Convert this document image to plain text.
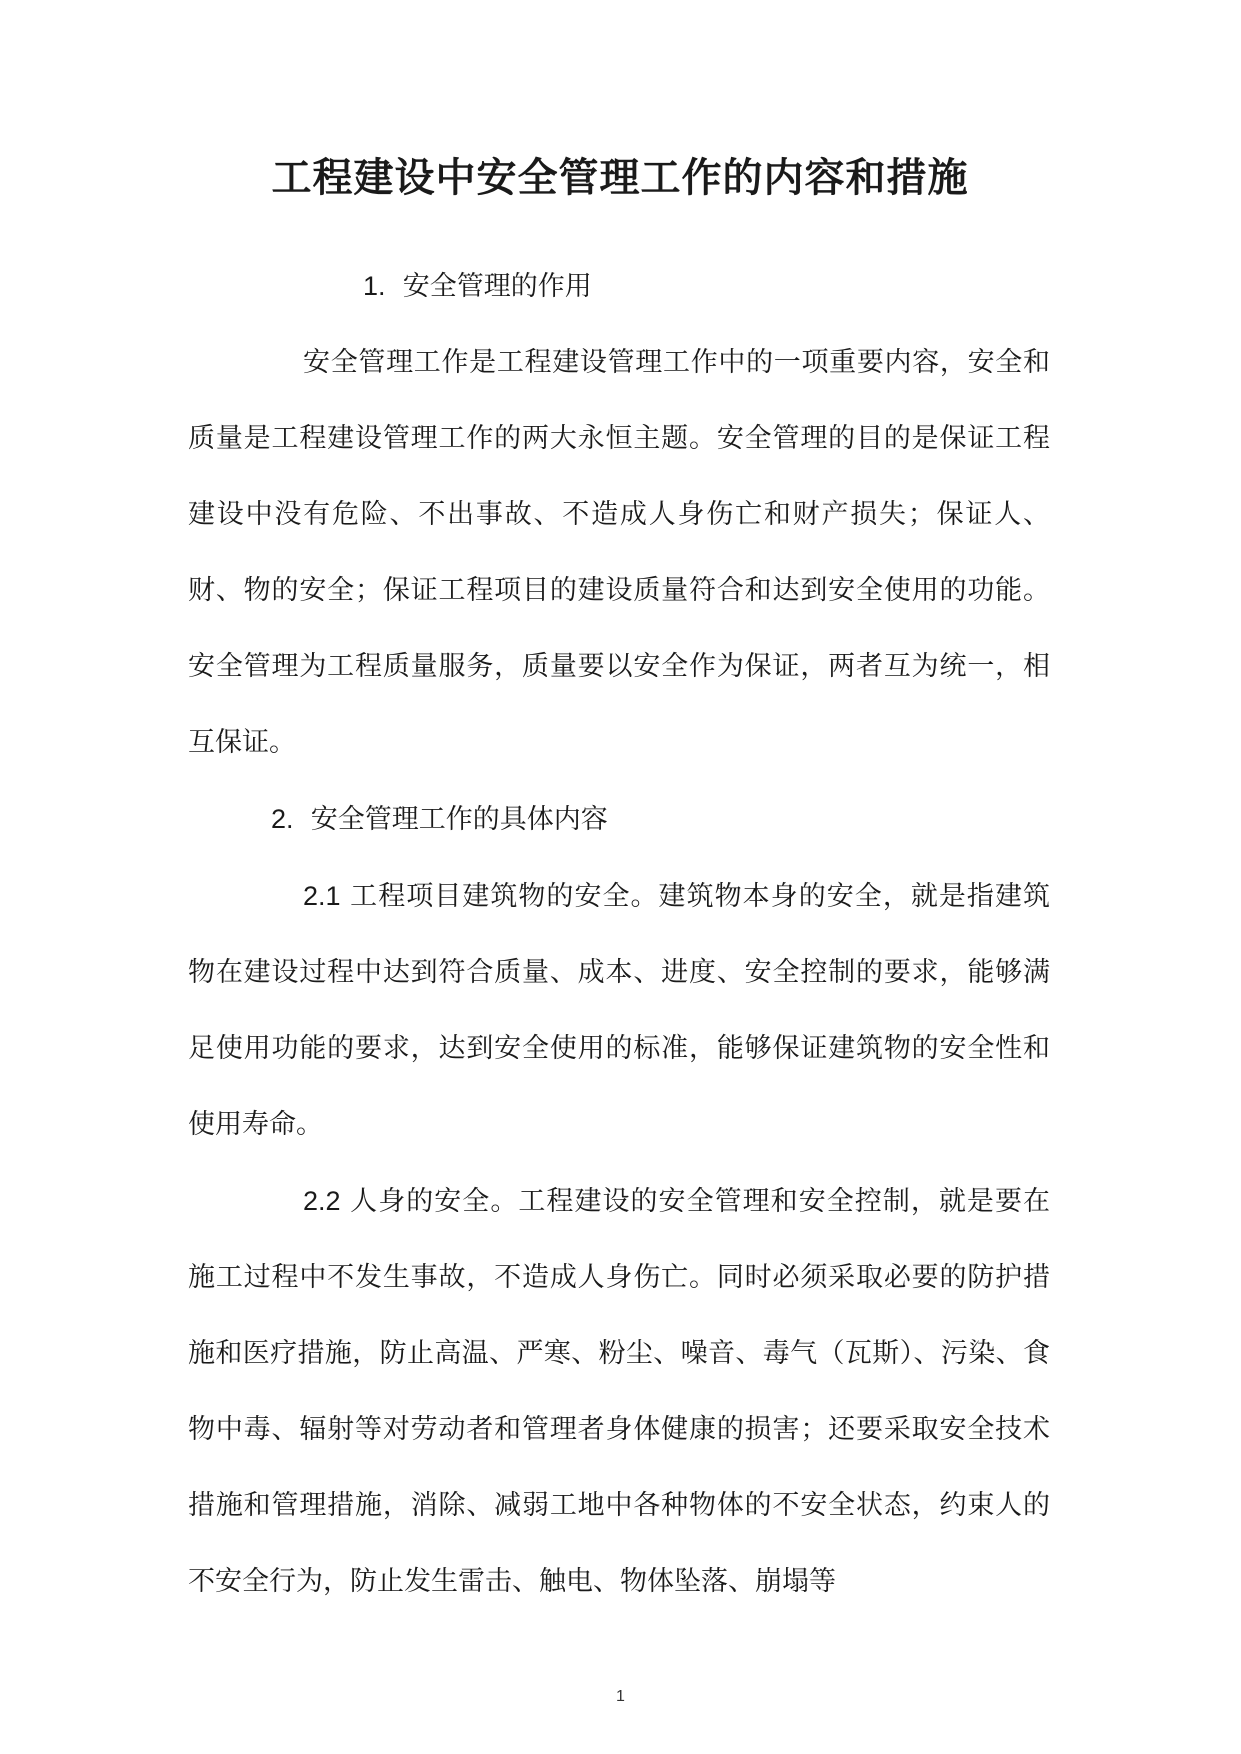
工程建设中安全管理工作的内容和措施

1. 安全管理的作用

安全管理工作是工程建设管理工作中的一项重要内容，安全和质量是工程建设管理工作的两大永恒主题。安全管理的目的是保证工程建设中没有危险、不出事故、不造成人身伤亡和财产损失；保证人、财、物的安全；保证工程项目的建设质量符合和达到安全使用的功能。安全管理为工程质量服务，质量要以安全作为保证，两者互为统一，相互保证。

2. 安全管理工作的具体内容

2.1 工程项目建筑物的安全。建筑物本身的安全，就是指建筑物在建设过程中达到符合质量、成本、进度、安全控制的要求，能够满足使用功能的要求，达到安全使用的标准，能够保证建筑物的安全性和使用寿命。

2.2 人身的安全。工程建设的安全管理和安全控制，就是要在施工过程中不发生事故，不造成人身伤亡。同时必须采取必要的防护措施和医疗措施，防止高温、严寒、粉尘、噪音、毒气（瓦斯）、污染、食物中毒、辐射等对劳动者和管理者身体健康的损害；还要采取安全技术措施和管理措施，消除、减弱工地中各种物体的不安全状态，约束人的不安全行为，防止发生雷击、触电、物体坠落、崩塌等

1
